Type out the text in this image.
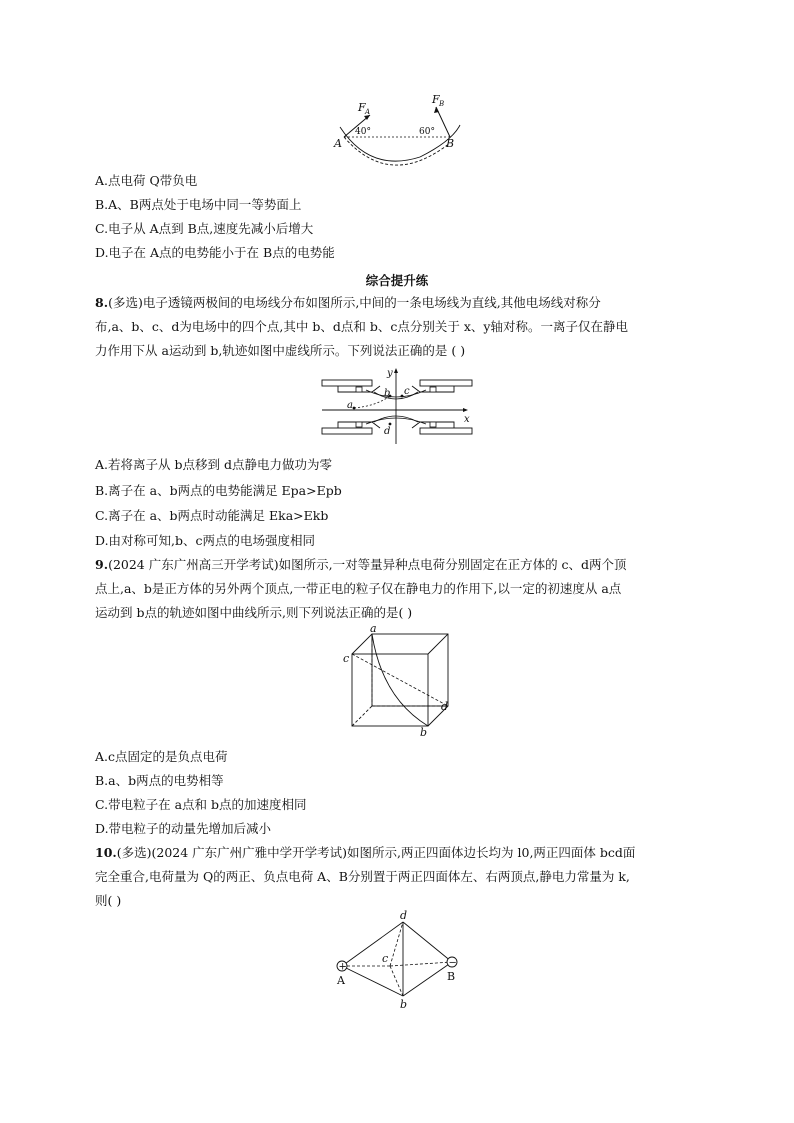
A	B
F A
F B
40°	60°
A.点电荷 Q带负电
B.A、B两点处于电场中同一等势面上
C.电子从 A点到 B点,速度先减小后增大
D.电子在 A点的电势能小于在 B点的电势能
综合提升练
8.(多选)电子透镜两极间的电场线分布如图所示,中间的一条电场线为直线,其他电场线对称分
布,a、b、c、d为电场中的四个点,其中 b、d点和 b、c点分别关于 x、y轴对称。一离子仅在静电
力作用下从 a运动到 b,轨迹如图中虚线所示。下列说法正确的是 ( )
y
x
a
b c
d
A.若将离子从 b点移到 d点静电力做功为零
B.离子在 a、b两点的电势能满足 Epa>Epb
C.离子在 a、b两点时动能满足 Eka>Ekb
D.由对称可知,b、c两点的电场强度相同
9.(2024 广东广州高三开学考试)如图所示,一对等量异种点电荷分别固定在正方体的 c、d两个顶
点上,a、b是正方体的另外两个顶点,一带正电的粒子仅在静电力的作用下,以一定的初速度从 a点
运动到 b点的轨迹如图中曲线所示,则下列说法正确的是( )
a
c
d
b
A.c点固定的是负点电荷
B.a、b两点的电势相等
C.带电粒子在 a点和 b点的加速度相同
D.带电粒子的动量先增加后减小
10.(多选)(2024 广东广州广雅中学开学考试)如图所示,两正四面体边长均为 l0,两正四面体 bcd面
完全重合,电荷量为 Q的两正、负点电荷 A、B分别置于两正四面体左、右两顶点,静电力常量为 k,
则( )
+	−
A	B
d
c
b
